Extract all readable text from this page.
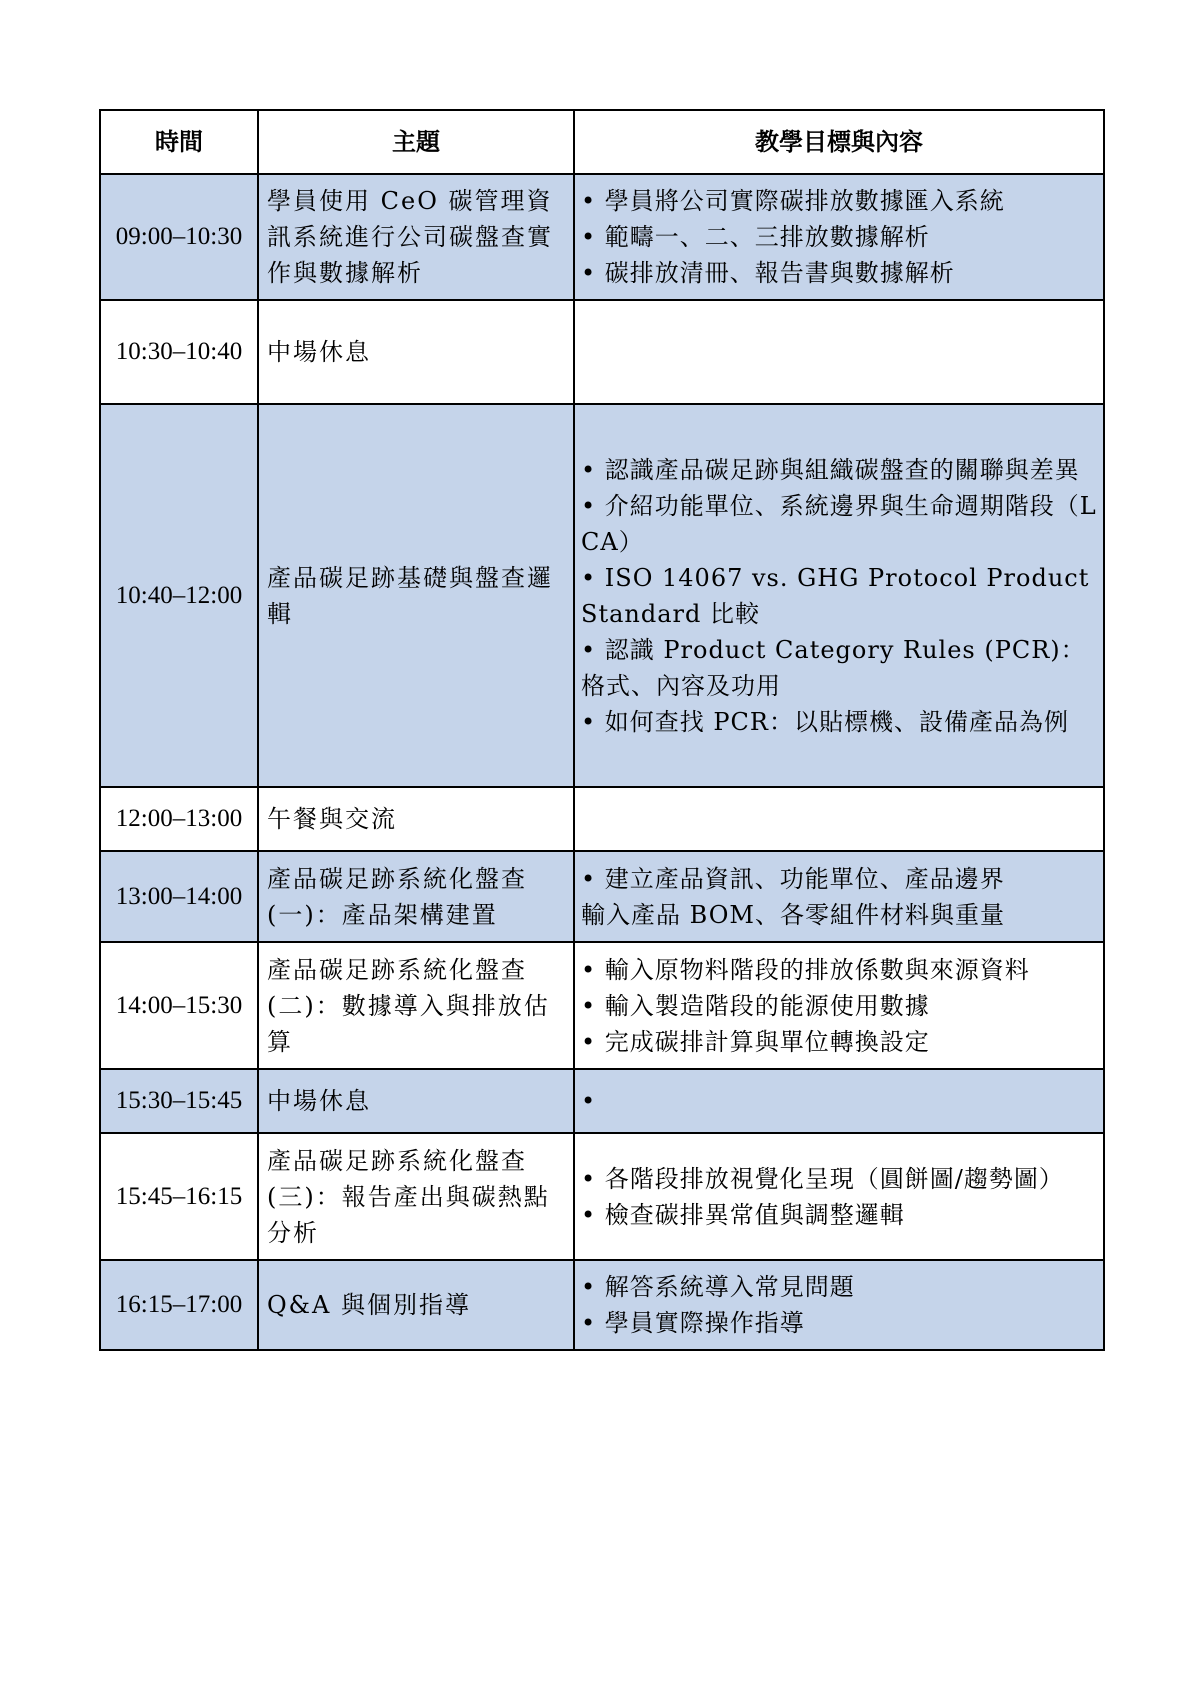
時間	主題	教學目標與內容
09:00–10:30	學員使用 CeO 碳管理資訊系統進行公司碳盤查實作與數據解析	• 學員將公司實際碳排放數據匯入系統
• 範疇一、二、三排放數據解析
• 碳排放清冊、報告書與數據解析

10:30–10:40	中場休息	
10:40–12:00	產品碳足跡基礎與盤查邏輯	• 認識產品碳足跡與組織碳盤查的關聯與差異
• 介紹功能單位、系統邊界與生命週期階段（LCA）
• ISO 14067 vs. GHG Protocol Product Standard 比較
• 認識 Product Category Rules (PCR)：格式、內容及功用
• 如何查找 PCR：以貼標機、設備產品為例

12:00–13:00	午餐與交流	
13:00–14:00	產品碳足跡系統化盤查(一)：產品架構建置	• 建立產品資訊、功能單位、產品邊界
輸入產品 BOM、各零組件材料與重量

14:00–15:30	產品碳足跡系統化盤查(二)：數據導入與排放估算	• 輸入原物料階段的排放係數與來源資料
• 輸入製造階段的能源使用數據
• 完成碳排計算與單位轉換設定

15:30–15:45	中場休息	•

15:45–16:15	產品碳足跡系統化盤查(三)：報告產出與碳熱點分析	• 各階段排放視覺化呈現（圓餅圖/趨勢圖）
• 檢查碳排異常值與調整邏輯

16:15–17:00	Q&A 與個別指導	• 解答系統導入常見問題
• 學員實際操作指導
